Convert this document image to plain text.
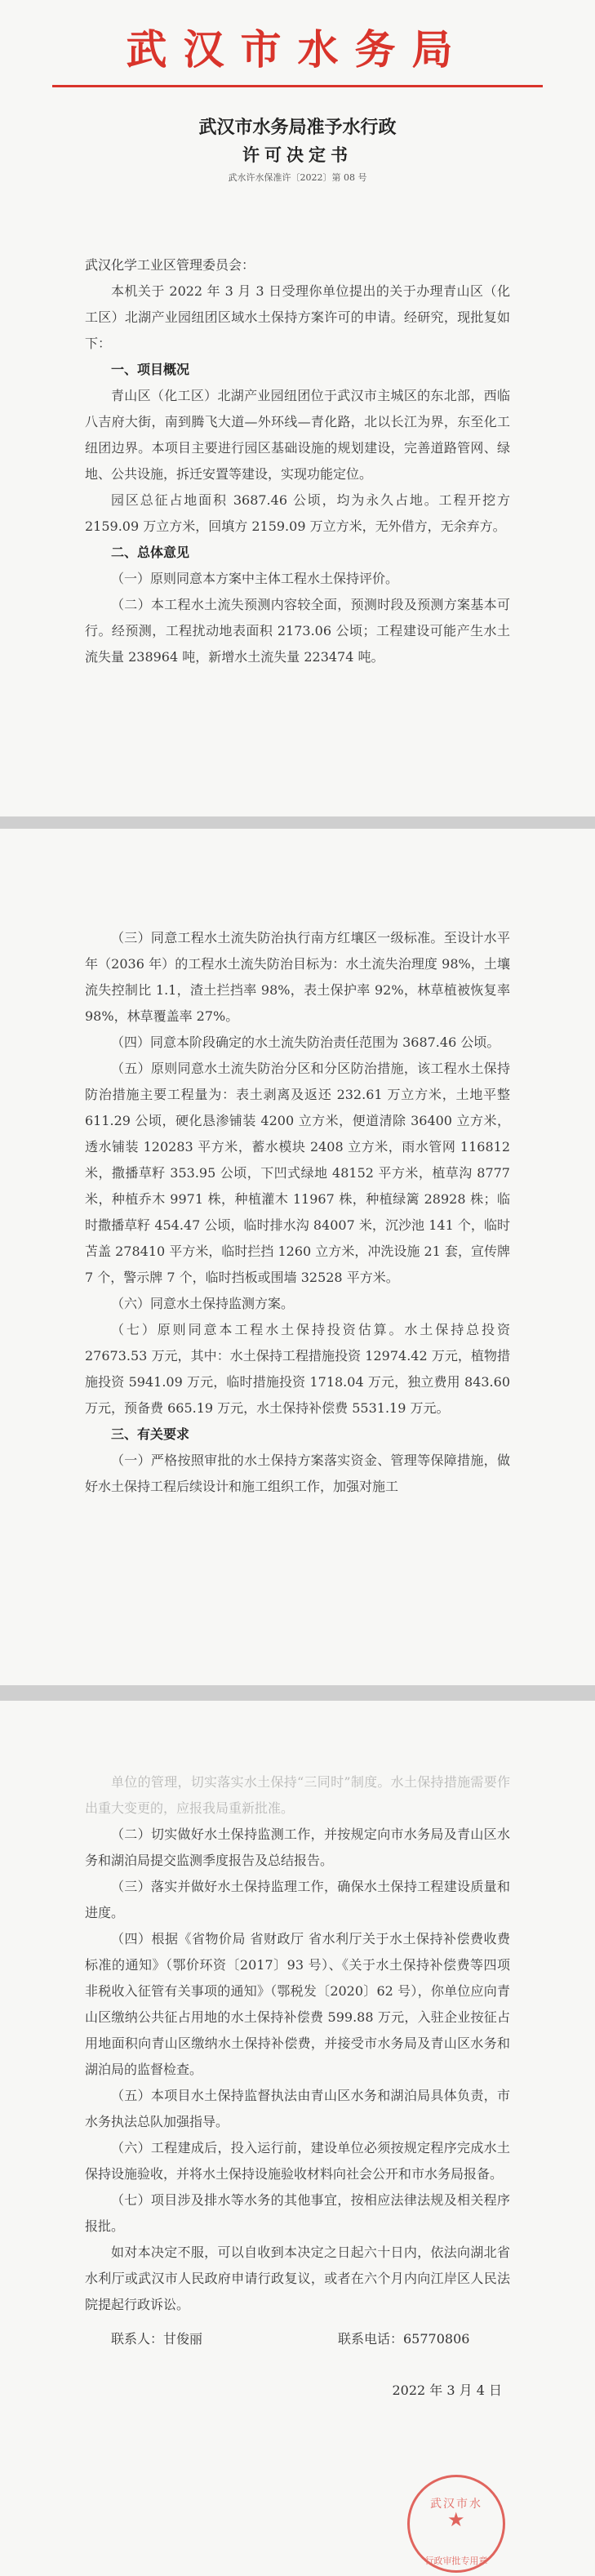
武汉市水务局
武汉市水务局准予水行政
许可决定书
武水许水保准许〔2022〕第 08 号
武汉化学工业区管理委员会：

本机关于 2022 年 3 月 3 日受理你单位提出的关于办理青山区（化工区）北湖产业园纽团区域水土保持方案许可的申请。经研究，现批复如下：

一、项目概况

青山区（化工区）北湖产业园纽团位于武汉市主城区的东北部，西临八吉府大街，南到腾飞大道—外环线—青化路，北以长江为界，东至化工纽团边界。本项目主要进行园区基础设施的规划建设，完善道路管网、绿地、公共设施，拆迁安置等建设，实现功能定位。

园区总征占地面积 3687.46 公顷，均为永久占地。工程开挖方 2159.09 万立方米，回填方 2159.09 万立方米，无外借方，无余弃方。

二、总体意见

（一）原则同意本方案中主体工程水土保持评价。

（二）本工程水土流失预测内容较全面，预测时段及预测方案基本可行。经预测，工程扰动地表面积 2173.06 公顷；工程建设可能产生水土流失量 238964 吨，新增水土流失量 223474 吨。

（三）同意工程水土流失防治执行南方红壤区一级标准。至设计水平年（2036 年）的工程水土流失防治目标为：水土流失治理度 98%，土壤流失控制比 1.1，渣土拦挡率 98%，表土保护率 92%，林草植被恢复率 98%，林草覆盖率 27%。

（四）同意本阶段确定的水土流失防治责任范围为 3687.46 公顷。

（五）原则同意水土流失防治分区和分区防治措施，该工程水土保持防治措施主要工程量为：表土剥离及返还 232.61 万立方米，土地平整 611.29 公顷，硬化恳渗铺装 4200 立方米，便道清除 36400 立方米，透水铺装 120283 平方米，蓄水模块 2408 立方米，雨水管网 116812 米，撒播草籽 353.95 公顷，下凹式绿地 48152 平方米，植草沟 8777 米，种植乔木 9971 株，种植灌木 11967 株，种植绿篱 28928 株；临时撒播草籽 454.47 公顷，临时排水沟 84007 米，沉沙池 141 个，临时苫盖 278410 平方米，临时拦挡 1260 立方米，冲洗设施 21 套，宣传牌 7 个，警示牌 7 个，临时挡板或围墙 32528 平方米。

（六）同意水土保持监测方案。

（七）原则同意本工程水土保持投资估算。水土保持总投资 27673.53 万元，其中：水土保持工程措施投资 12974.42 万元，植物措施投资 5941.09 万元，临时措施投资 1718.04 万元，独立费用 843.60 万元，预备费 665.19 万元，水土保持补偿费 5531.19 万元。

三、有关要求

（一）严格按照审批的水土保持方案落实资金、管理等保障措施，做好水土保持工程后续设计和施工组织工作，加强对施工

单位的管理，切实落实水土保持“三同时”制度。水土保持措施需要作出重大变更的，应报我局重新批准。

（二）切实做好水土保持监测工作，并按规定向市水务局及青山区水务和湖泊局提交监测季度报告及总结报告。

（三）落实并做好水土保持监理工作，确保水土保持工程建设质量和进度。

（四）根据《省物价局 省财政厅 省水利厅关于水土保持补偿费收费标准的通知》（鄂价环资〔2017〕93 号）、《关于水土保持补偿费等四项非税收入征管有关事项的通知》（鄂税发〔2020〕62 号），你单位应向青山区缴纳公共征占用地的水土保持补偿费 599.88 万元，入驻企业按征占用地面积向青山区缴纳水土保持补偿费，并接受市水务局及青山区水务和湖泊局的监督检查。

（五）本项目水土保持监督执法由青山区水务和湖泊局具体负责，市水务执法总队加强指导。

（六）工程建成后，投入运行前，建设单位必须按规定程序完成水土保持设施验收，并将水土保持设施验收材料向社会公开和市水务局报备。

（七）项目涉及排水等水务的其他事宜，按相应法律法规及相关程序报批。

如对本决定不服，可以自收到本决定之日起六十日内，依法向湖北省水利厅或武汉市人民政府申请行政复议，或者在六个月内向江岸区人民法院提起行政诉讼。

联系人：甘俊丽	联系电话：65770806
2022 年 3 月 4 日
武汉市水
★
行政审批专用章
